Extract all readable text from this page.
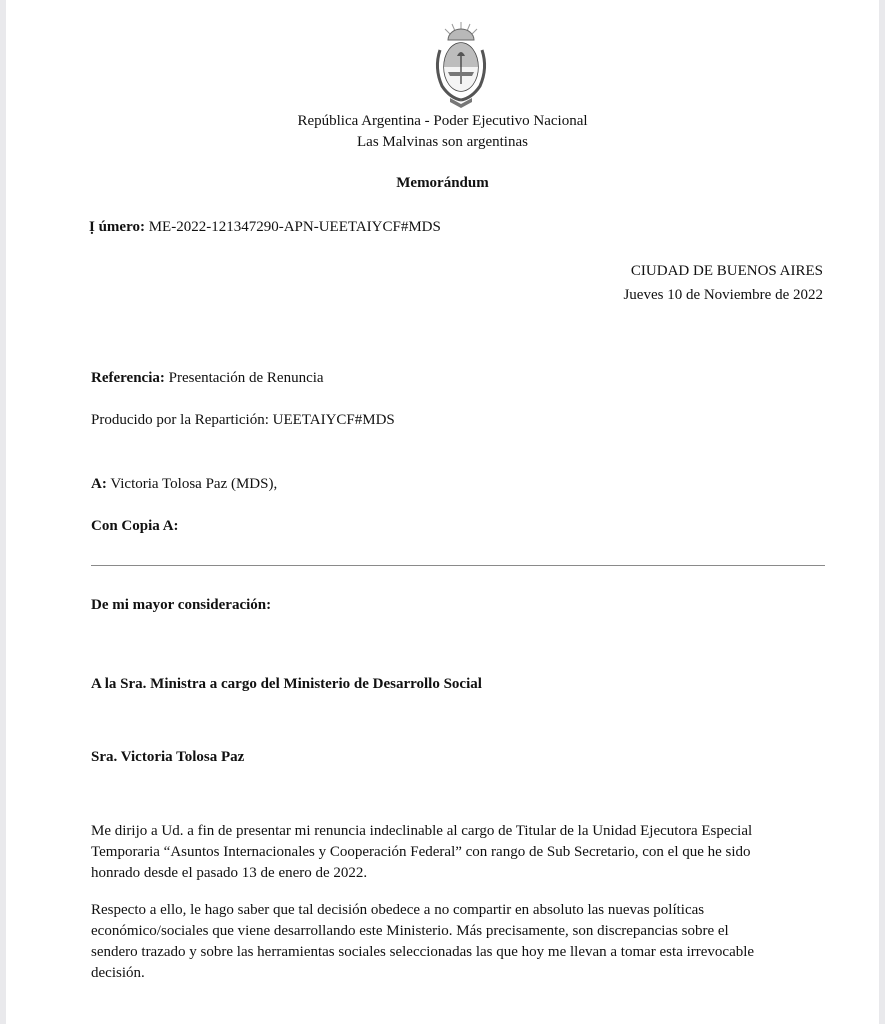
República Argentina - Poder Ejecutivo Nacional
Las Malvinas son argentinas
Memorándum
Ị úmero: ME-2022-121347290-APN-UEETAIYCF#MDS
CIUDAD DE BUENOS AIRES
Jueves 10 de Noviembre de 2022
Referencia: Presentación de Renuncia
Producido por la Repartición: UEETAIYCF#MDS
A: Victoria Tolosa Paz (MDS),
Con Copia A:
De mi mayor consideración:
A la Sra. Ministra a cargo del Ministerio de Desarrollo Social
Sra. Victoria Tolosa Paz
Me dirijo a Ud. a fin de presentar mi renuncia indeclinable al cargo de Titular de la Unidad Ejecutora Especial
Temporaria “Asuntos Internacionales y Cooperación Federal” con rango de Sub Secretario, con el que he sido
honrado desde el pasado 13 de enero de 2022.
Respecto a ello, le hago saber que tal decisión obedece a no compartir en absoluto las nuevas políticas
económico/sociales que viene desarrollando este Ministerio. Más precisamente, son discrepancias sobre el
sendero trazado y sobre las herramientas sociales seleccionadas las que hoy me llevan a tomar esta irrevocable
decisión.
